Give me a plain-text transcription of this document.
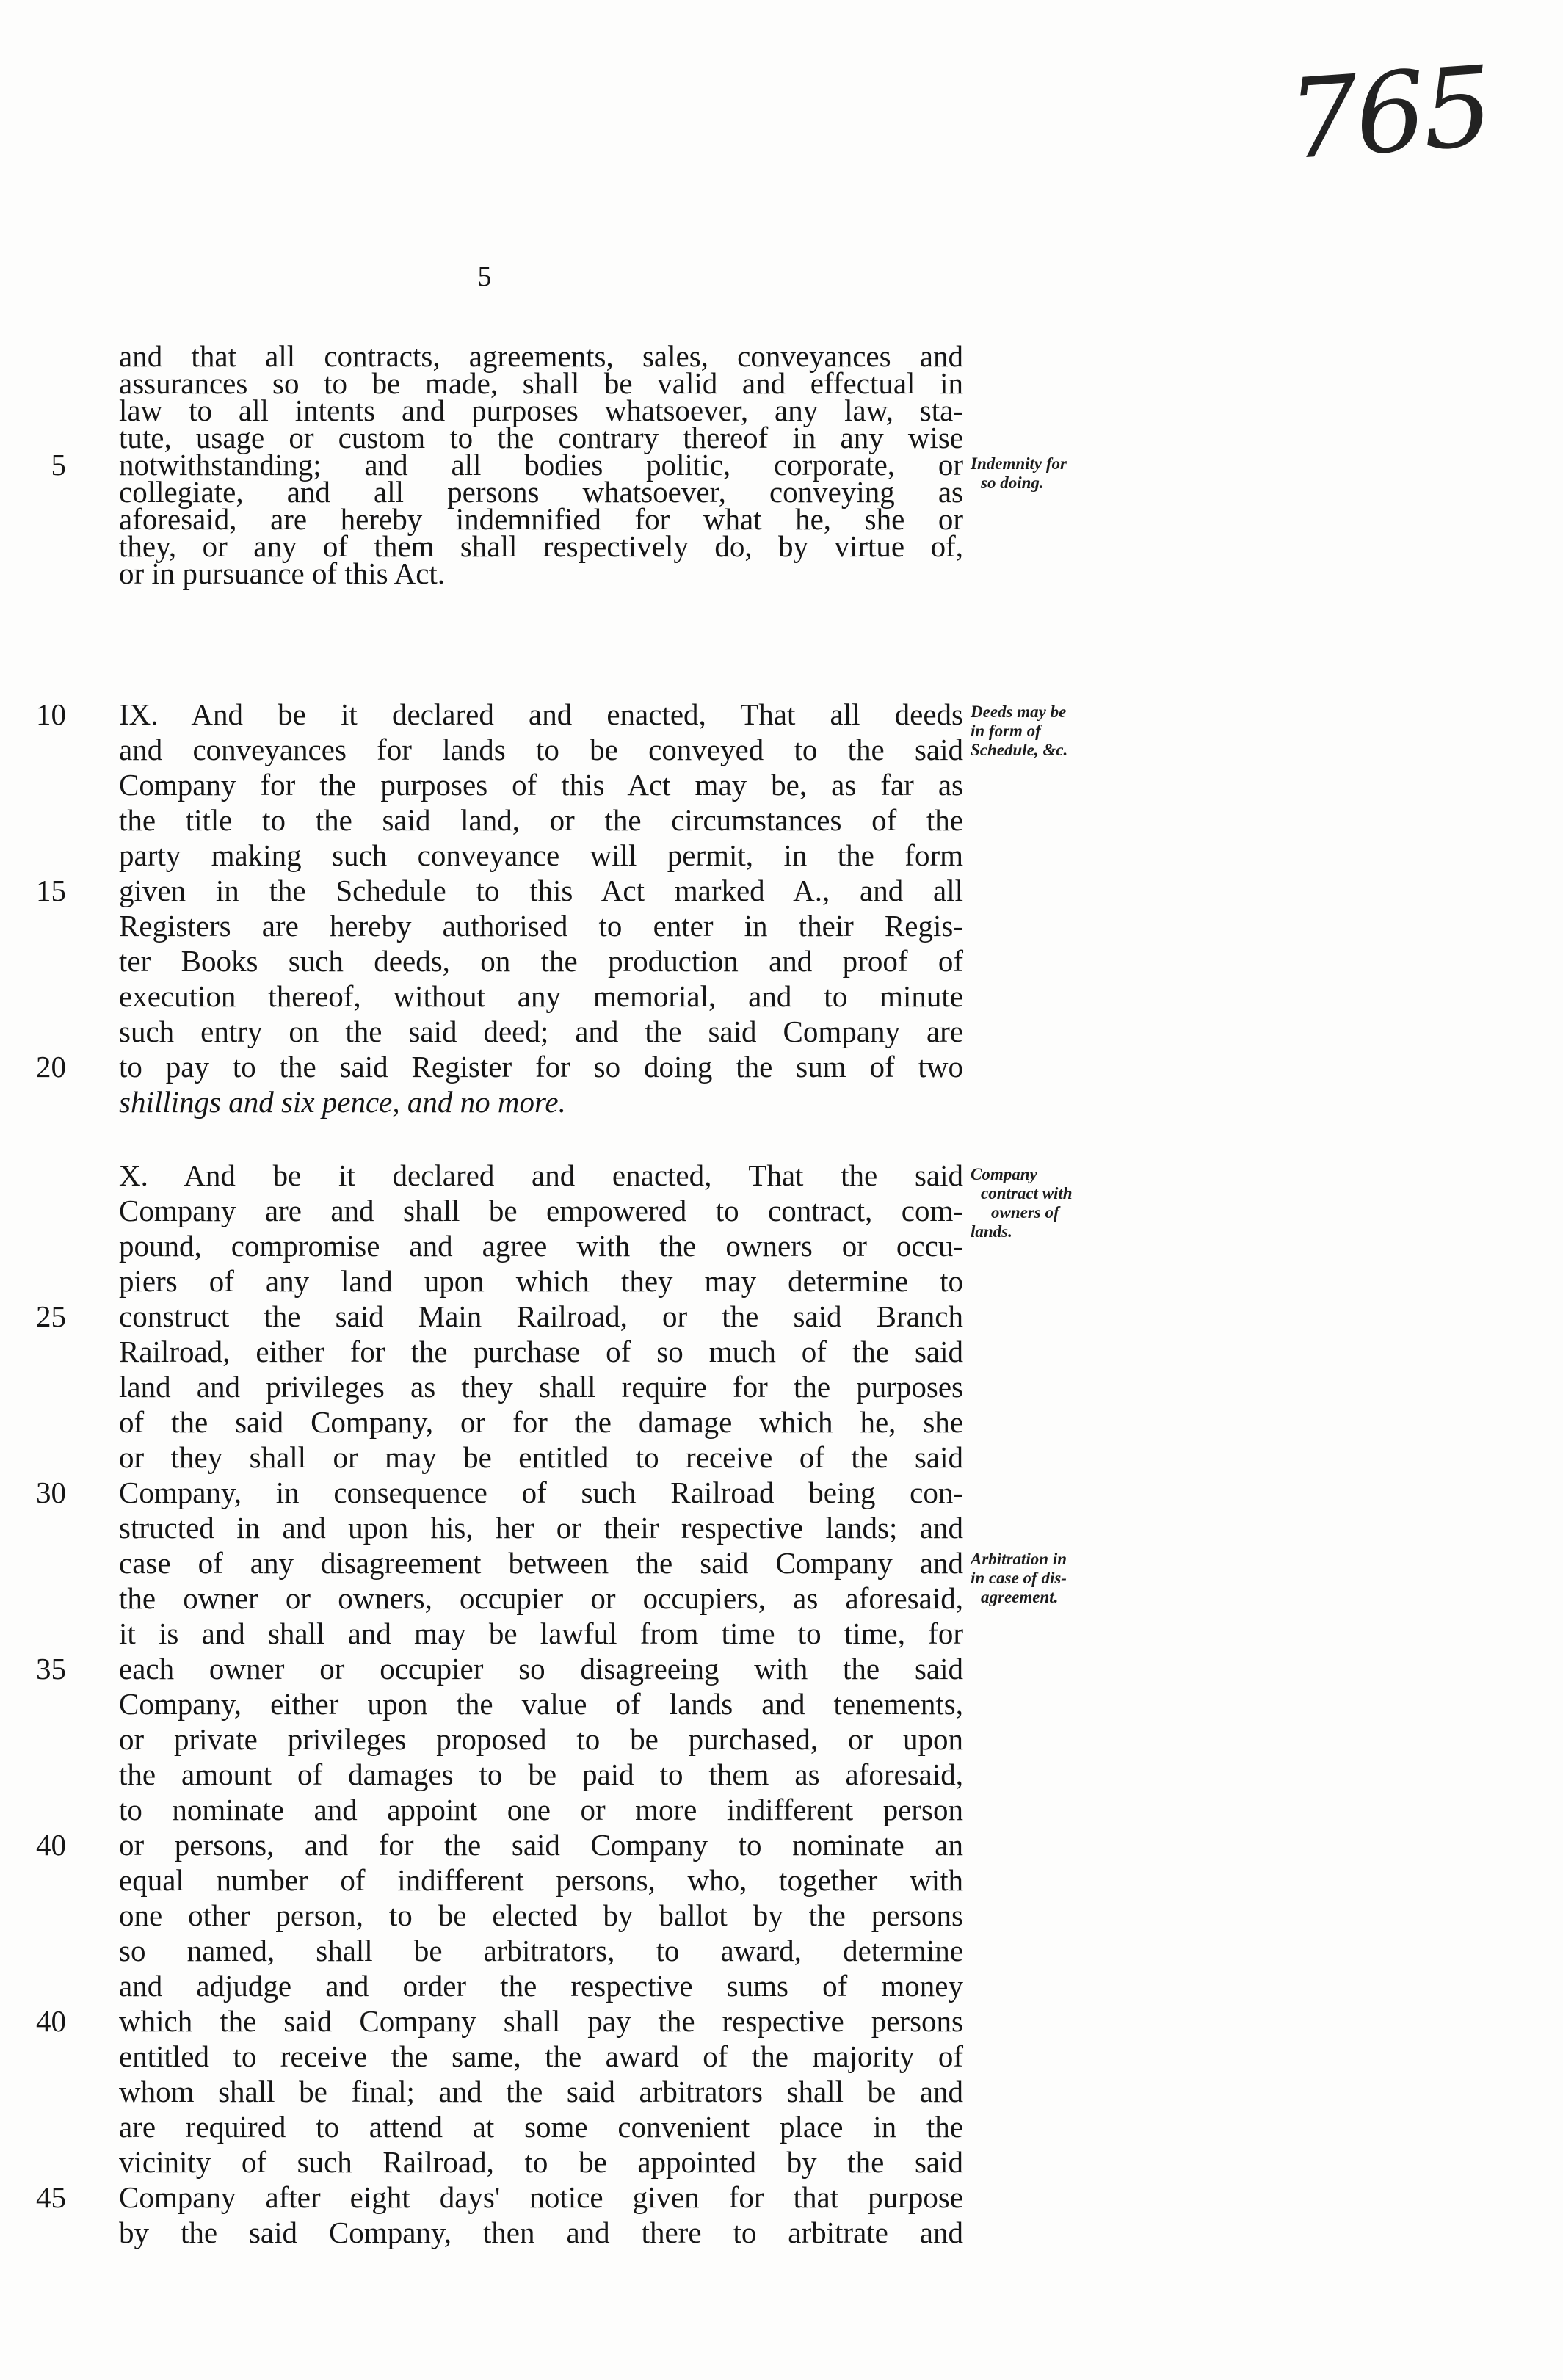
765
5
5
10
15
20
25
30
35
40
40
45
and that all contracts, agreements, sales, conveyances and
assurances so to be made, shall be valid and effectual in
law to all intents and purposes whatsoever, any law, sta-
tute, usage or custom to the contrary thereof in any wise
notwithstanding; and all bodies politic, corporate, or
collegiate, and all persons whatsoever, conveying as
aforesaid, are hereby indemnified for what he, she or
they, or any of them shall respectively do, by virtue of,
or in pursuance of this Act.
IX. And be it declared and enacted, That all deeds
and conveyances for lands to be conveyed to the said
Company for the purposes of this Act may be, as far as
the title to the said land, or the circumstances of the
party making such conveyance will permit, in the form
given in the Schedule to this Act marked A., and all
Registers are hereby authorised to enter in their Regis-
ter Books such deeds, on the production and proof of
execution thereof, without any memorial, and to minute
such entry on the said deed; and the said Company are
to pay to the said Register for so doing the sum of two
shillings and six pence, and no more.
X. And be it declared and enacted, That the said
Company are and shall be empowered to contract, com-
pound, compromise and agree with the owners or occu-
piers of any land upon which they may determine to
construct the said Main Railroad, or the said Branch
Railroad, either for the purchase of so much of the said
land and privileges as they shall require for the purposes
of the said Company, or for the damage which he, she
or they shall or may be entitled to receive of the said
Company, in consequence of such Railroad being con-
structed in and upon his, her or their respective lands; and
case of any disagreement between the said Company and
the owner or owners, occupier or occupiers, as aforesaid,
it is and shall and may be lawful from time to time, for
each owner or occupier so disagreeing with the said
Company, either upon the value of lands and tenements,
or private privileges proposed to be purchased, or upon
the amount of damages to be paid to them as aforesaid,
to nominate and appoint one or more indifferent person
or persons, and for the said Company to nominate an
equal number of indifferent persons, who, together with
one other person, to be elected by ballot by the persons
so named, shall be arbitrators, to award, determine
and adjudge and order the respective sums of money
which the said Company shall pay the respective persons
entitled to receive the same, the award of the majority of
whom shall be final; and the said arbitrators shall be and
are required to attend at some convenient place in the
vicinity of such Railroad, to be appointed by the said
Company after eight days' notice given for that purpose
by the said Company, then and there to arbitrate and
Indemnity for
so doing.
Deeds may be
in form of
Schedule, &c.
Company
contract with
owners of
lands.
Arbitration in
in case of dis-
agreement.
